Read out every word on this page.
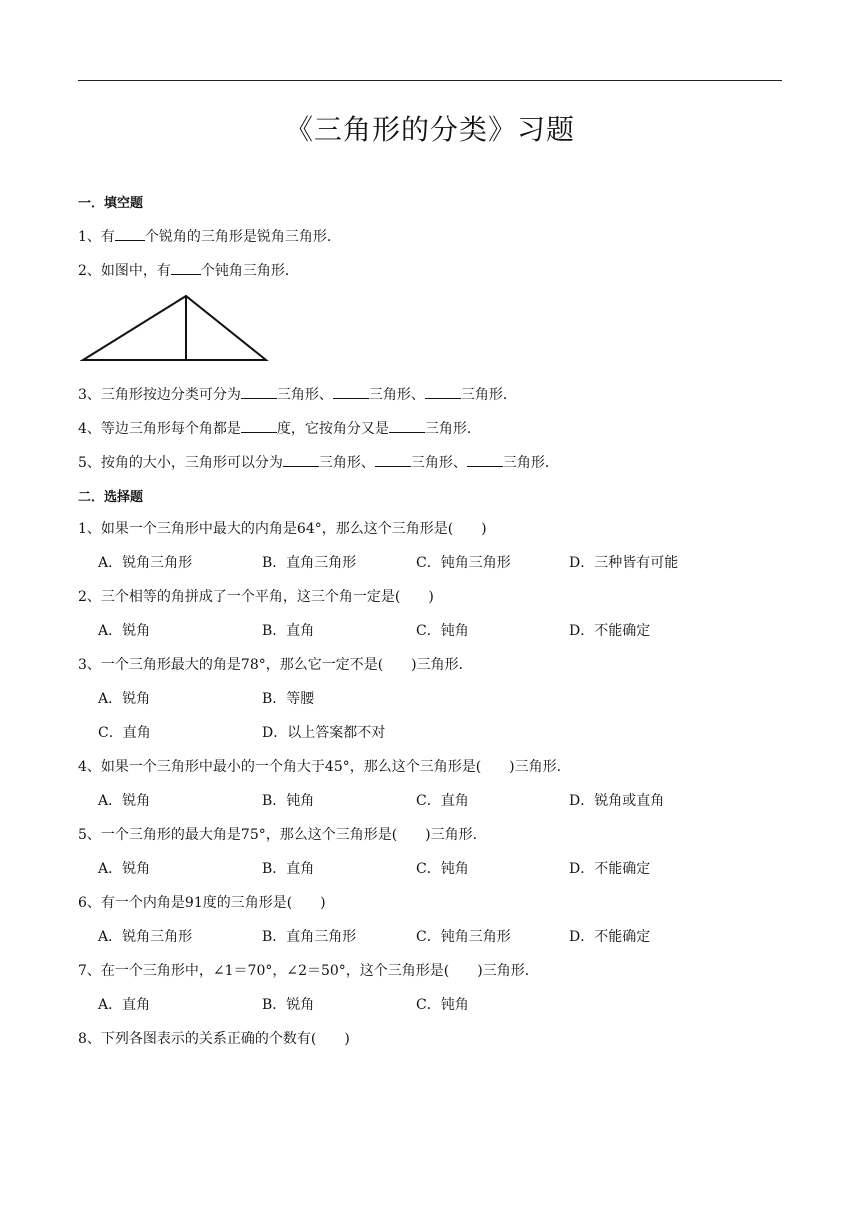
《三角形的分类》习题
一．填空题
1、有 个锐角的三角形是锐角三角形．
2、如图中，有 个钝角三角形．
3、三角形按边分类可分为	三角形、	三角形、	三角形．
4、等边三角形每个角都是	度，它按角分又是	三角形．
5、按角的大小，三角形可以分为	三角形、	三角形、	三角形．
二．选择题
1、如果一个三角形中最大的内角是64°，那么这个三角形是(　　)
A．锐角三角形	B．直角三角形	C．钝角三角形	D．三种皆有可能
2、三个相等的角拼成了一个平角，这三个角一定是(　　)
A．锐角	B．直角	C．钝角	D．不能确定
3、一个三角形最大的角是78°，那么它一定不是(　　)三角形．
A．锐角	B．等腰
C．直角	D．以上答案都不对
4、如果一个三角形中最小的一个角大于45°，那么这个三角形是(　　)三角形．
A．锐角	B．钝角	C．直角	D．锐角或直角
5、一个三角形的最大角是75°，那么这个三角形是(　　)三角形．
A．锐角	B．直角	C．钝角	D．不能确定
6、有一个内角是91度的三角形是(　　)
A．锐角三角形	B．直角三角形	C．钝角三角形	D．不能确定
7、在一个三角形中，∠1＝70°，∠2＝50°，这个三角形是(　　)三角形．
A．直角	B．锐角	C．钝角
8、下列各图表示的关系正确的个数有(　　)
